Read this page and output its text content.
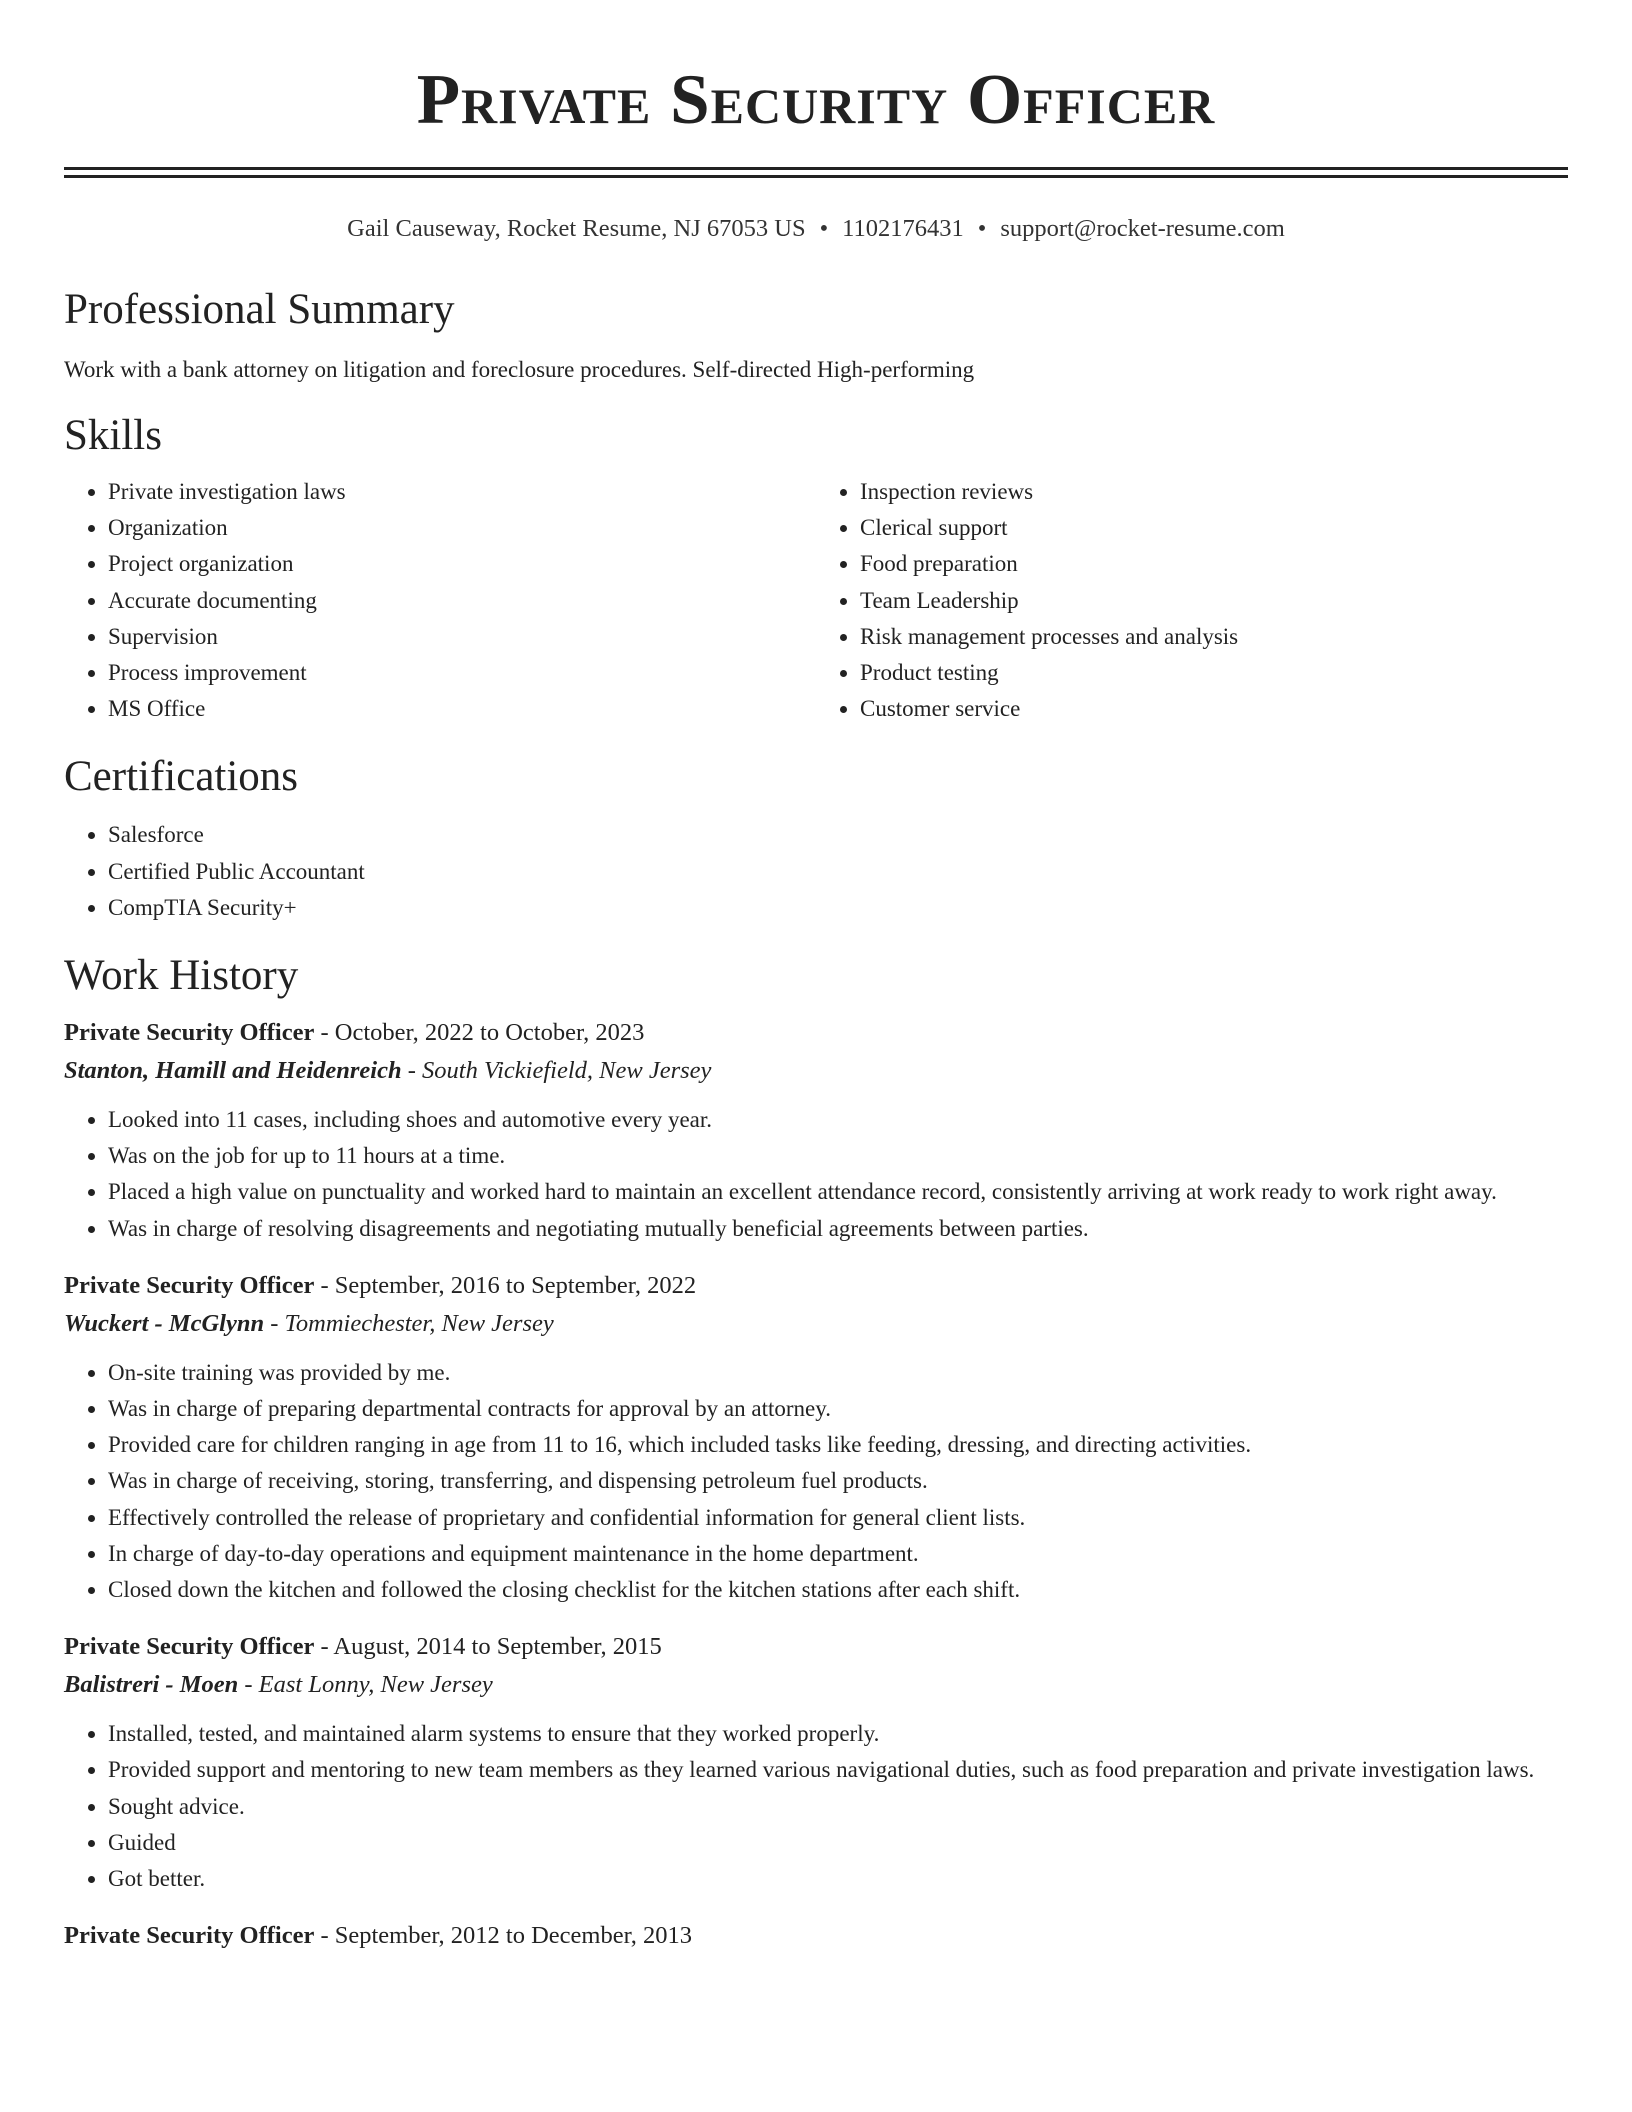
Private Security Officer
Gail Causeway, Rocket Resume, NJ 67053 US • 1102176431 • support@rocket-resume.com
Professional Summary
Work with a bank attorney on litigation and foreclosure procedures. Self-directed High-performing
Skills
• Private investigation laws
• Organization
• Project organization
• Accurate documenting
• Supervision
• Process improvement
• MS Office
• Inspection reviews
• Clerical support
• Food preparation
• Team Leadership
• Risk management processes and analysis
• Product testing
• Customer service
Certifications
• Salesforce
• Certified Public Accountant
• CompTIA Security+
Work History
Private Security Officer - October, 2022 to October, 2023
Stanton, Hamill and Heidenreich - South Vickiefield, New Jersey
• Looked into 11 cases, including shoes and automotive every year.
• Was on the job for up to 11 hours at a time.
• Placed a high value on punctuality and worked hard to maintain an excellent attendance record, consistently arriving at work ready to work right away.
• Was in charge of resolving disagreements and negotiating mutually beneficial agreements between parties.
Private Security Officer - September, 2016 to September, 2022
Wuckert - McGlynn - Tommiechester, New Jersey
• On-site training was provided by me.
• Was in charge of preparing departmental contracts for approval by an attorney.
• Provided care for children ranging in age from 11 to 16, which included tasks like feeding, dressing, and directing activities.
• Was in charge of receiving, storing, transferring, and dispensing petroleum fuel products.
• Effectively controlled the release of proprietary and confidential information for general client lists.
• In charge of day-to-day operations and equipment maintenance in the home department.
• Closed down the kitchen and followed the closing checklist for the kitchen stations after each shift.
Private Security Officer - August, 2014 to September, 2015
Balistreri - Moen - East Lonny, New Jersey
• Installed, tested, and maintained alarm systems to ensure that they worked properly.
• Provided support and mentoring to new team members as they learned various navigational duties, such as food preparation and private investigation laws.
• Sought advice.
• Guided
• Got better.
Private Security Officer - September, 2012 to December, 2013
